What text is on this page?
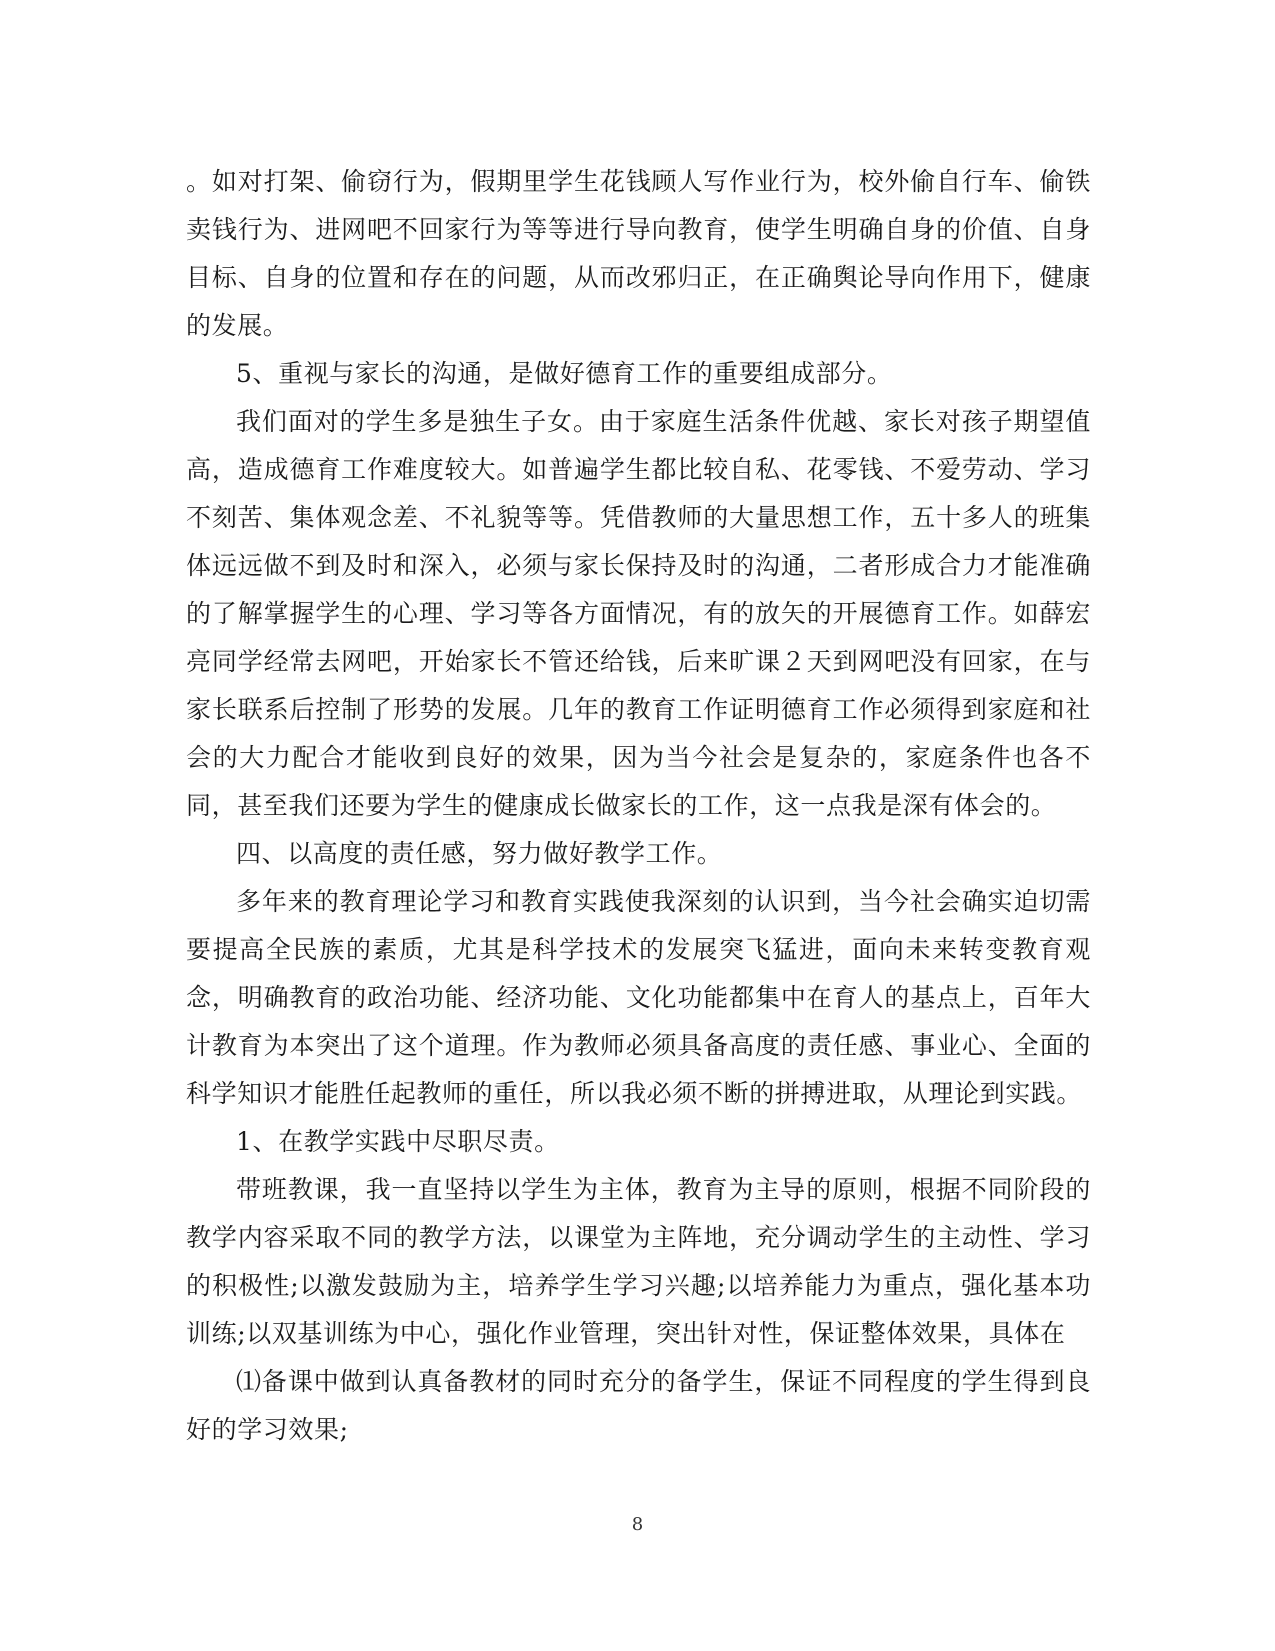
。如对打架、偷窃行为，假期里学生花钱顾人写作业行为，校外偷自行车、偷铁卖钱行为、进网吧不回家行为等等进行导向教育，使学生明确自身的价值、自身目标、自身的位置和存在的问题，从而改邪归正，在正确舆论导向作用下，健康的发展。

5、重视与家长的沟通，是做好德育工作的重要组成部分。

我们面对的学生多是独生子女。由于家庭生活条件优越、家长对孩子期望值高，造成德育工作难度较大。如普遍学生都比较自私、花零钱、不爱劳动、学习不刻苦、集体观念差、不礼貌等等。凭借教师的大量思想工作，五十多人的班集体远远做不到及时和深入，必须与家长保持及时的沟通，二者形成合力才能准确的了解掌握学生的心理、学习等各方面情况，有的放矢的开展德育工作。如薛宏亮同学经常去网吧，开始家长不管还给钱，后来旷课２天到网吧没有回家，在与家长联系后控制了形势的发展。几年的教育工作证明德育工作必须得到家庭和社会的大力配合才能收到良好的效果，因为当今社会是复杂的，家庭条件也各不同，甚至我们还要为学生的健康成长做家长的工作，这一点我是深有体会的。

四、以高度的责任感，努力做好教学工作。

多年来的教育理论学习和教育实践使我深刻的认识到，当今社会确实迫切需要提高全民族的素质，尤其是科学技术的发展突飞猛进，面向未来转变教育观念，明确教育的政治功能、经济功能、文化功能都集中在育人的基点上，百年大计教育为本突出了这个道理。作为教师必须具备高度的责任感、事业心、全面的科学知识才能胜任起教师的重任，所以我必须不断的拼搏进取，从理论到实践。

1、在教学实践中尽职尽责。

带班教课，我一直坚持以学生为主体，教育为主导的原则，根据不同阶段的教学内容采取不同的教学方法，以课堂为主阵地，充分调动学生的主动性、学习的积极性;以激发鼓励为主，培养学生学习兴趣;以培养能力为重点，强化基本功训练;以双基训练为中心，强化作业管理，突出针对性，保证整体效果，具体在

⑴备课中做到认真备教材的同时充分的备学生，保证不同程度的学生得到良好的学习效果;

8
